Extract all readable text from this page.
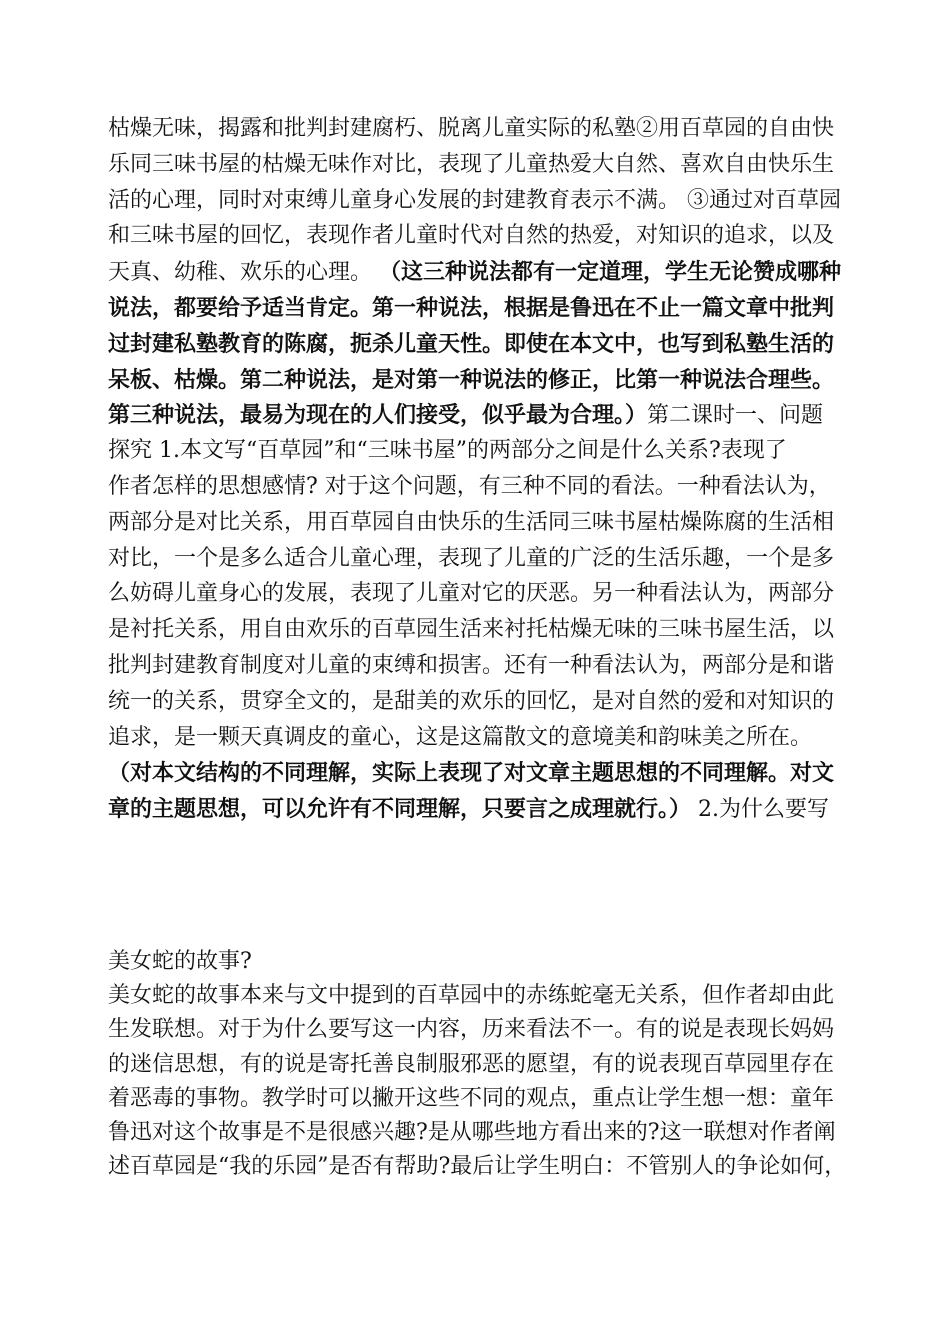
枯燥无味，揭露和批判封建腐朽、脱离儿童实际的私塾②用百草园的自由快
乐同三味书屋的枯燥无味作对比，表现了儿童热爱大自然、喜欢自由快乐生
活的心理，同时对束缚儿童身心发展的封建教育表示不满。 ③通过对百草园
和三味书屋的回忆，表现作者儿童时代对自然的热爱，对知识的追求，以及
天真、幼稚、欢乐的心理。 （这三种说法都有一定道理，学生无论赞成哪种
说法，都要给予适当肯定。第一种说法，根据是鲁迅在不止一篇文章中批判
过封建私塾教育的陈腐，扼杀儿童天性。即使在本文中，也写到私塾生活的
呆板、枯燥。第二种说法，是对第一种说法的修正，比第一种说法合理些。
第三种说法，最易为现在的人们接受，似乎最为合理。）第二课时一、问题
探究 1.本文写“百草园”和“三味书屋”的两部分之间是什么关系?表现了
作者怎样的思想感情? 对于这个问题，有三种不同的看法。一种看法认为，
两部分是对比关系，用百草园自由快乐的生活同三味书屋枯燥陈腐的生活相
对比，一个是多么适合儿童心理，表现了儿童的广泛的生活乐趣，一个是多
么妨碍儿童身心的发展，表现了儿童对它的厌恶。另一种看法认为，两部分
是衬托关系，用自由欢乐的百草园生活来衬托枯燥无味的三味书屋生活，以
批判封建教育制度对儿童的束缚和损害。还有一种看法认为，两部分是和谐
统一的关系，贯穿全文的，是甜美的欢乐的回忆，是对自然的爱和对知识的
追求，是一颗天真调皮的童心，这是这篇散文的意境美和韵味美之所在。
（对本文结构的不同理解，实际上表现了对文章主题思想的不同理解。对文
章的主题思想，可以允许有不同理解，只要言之成理就行。） 2.为什么要写
美女蛇的故事?
美女蛇的故事本来与文中提到的百草园中的赤练蛇毫无关系，但作者却由此
生发联想。对于为什么要写这一内容，历来看法不一。有的说是表现长妈妈
的迷信思想，有的说是寄托善良制服邪恶的愿望，有的说表现百草园里存在
着恶毒的事物。教学时可以撇开这些不同的观点，重点让学生想一想：童年
鲁迅对这个故事是不是很感兴趣?是从哪些地方看出来的?这一联想对作者阐
述百草园是“我的乐园”是否有帮助?最后让学生明白：不管别人的争论如何，
